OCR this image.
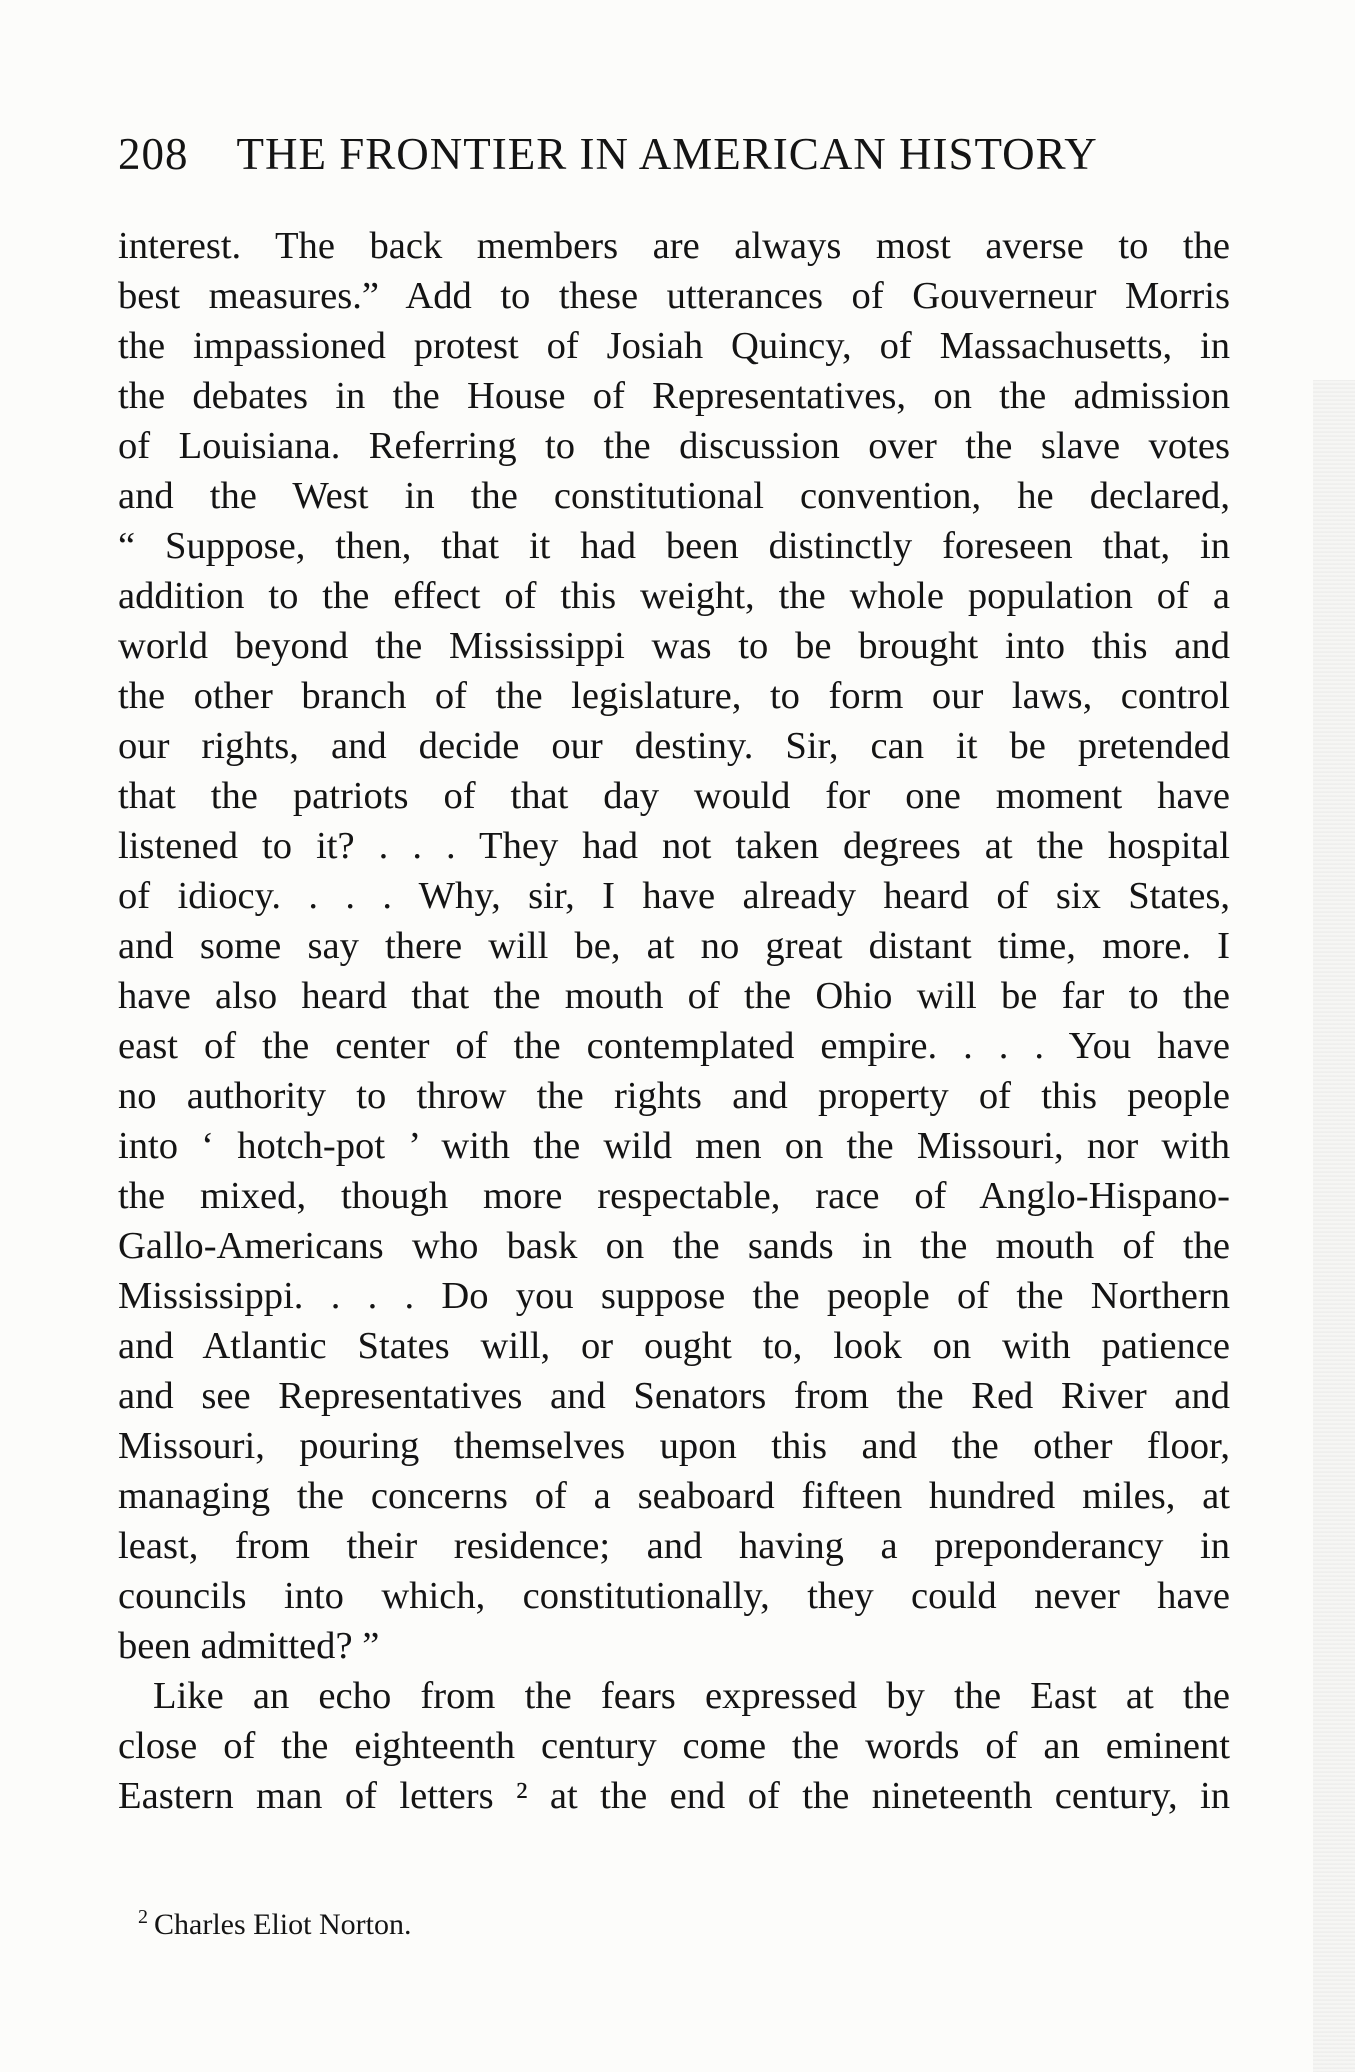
208 THE FRONTIER IN AMERICAN HISTORY
interest. The back members are always most averse to the
best measures.” Add to these utterances of Gouverneur Morris
the impassioned protest of Josiah Quincy, of Massachusetts, in
the debates in the House of Representatives, on the admission
of Louisiana. Referring to the discussion over the slave votes
and the West in the constitutional convention, he declared,
“ Suppose, then, that it had been distinctly foreseen that, in
addition to the effect of this weight, the whole population of a
world beyond the Mississippi was to be brought into this and
the other branch of the legislature, to form our laws, control
our rights, and decide our destiny. Sir, can it be pretended
that the patriots of that day would for one moment have
listened to it? . . . They had not taken degrees at the hospital
of idiocy. . . . Why, sir, I have already heard of six States,
and some say there will be, at no great distant time, more. I
have also heard that the mouth of the Ohio will be far to the
east of the center of the contemplated empire. . . . You have
no authority to throw the rights and property of this people
into ‘ hotch-pot ’ with the wild men on the Missouri, nor with
the mixed, though more respectable, race of Anglo-Hispano-
Gallo-Americans who bask on the sands in the mouth of the
Mississippi. . . . Do you suppose the people of the Northern
and Atlantic States will, or ought to, look on with patience
and see Representatives and Senators from the Red River and
Missouri, pouring themselves upon this and the other floor,
managing the concerns of a seaboard fifteen hundred miles, at
least, from their residence; and having a preponderancy in
councils into which, constitutionally, they could never have
been admitted? ”
Like an echo from the fears expressed by the East at the
close of the eighteenth century come the words of an eminent
Eastern man of letters ² at the end of the nineteenth century, in
$^2$ Charles Eliot Norton.
